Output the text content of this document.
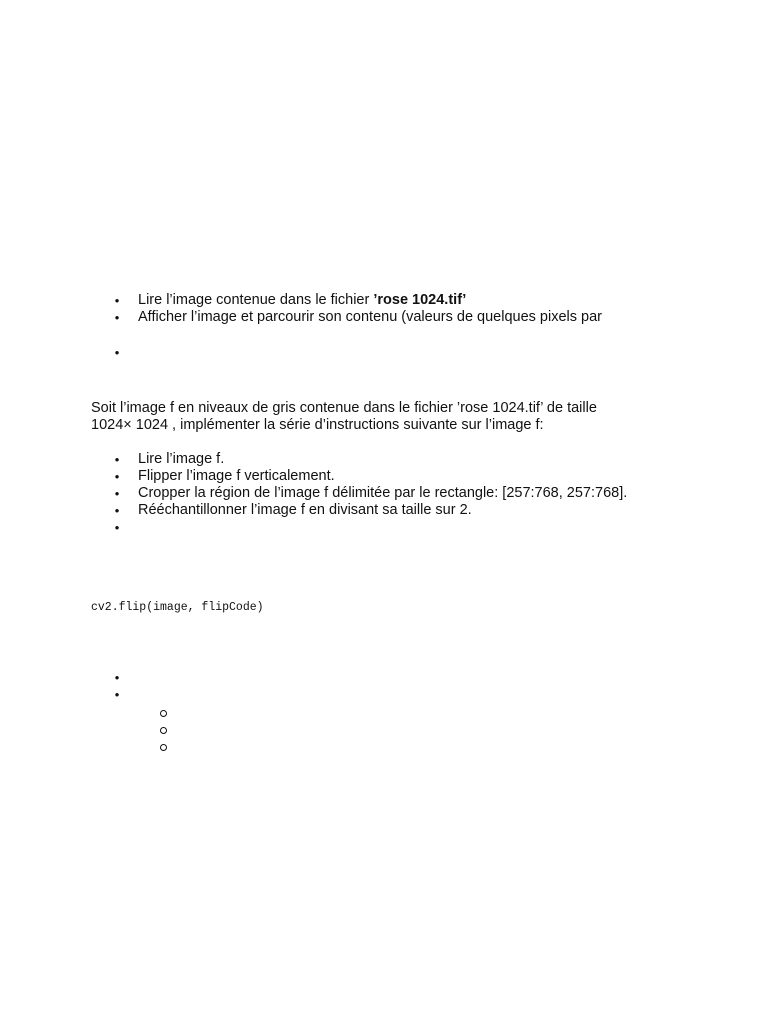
• Lire l’image contenue dans le fichier ’rose 1024.tif’
• Afficher l’image et parcourir son contenu (valeurs de quelques pixels par
•

Soit l’image f en niveaux de gris contenue dans le fichier ’rose 1024.tif’ de taille
1024× 1024 , implémenter la série d’instructions suivante sur l’image f:

• Lire l’image f.
• Flipper l’image f verticalement.
• Cropper la région de l’image f délimitée par le rectangle: [257:768, 257:768].
• Rééchantillonner l’image f en divisant sa taille sur 2.
•
cv2.flip(image, flipCode)
•
•
